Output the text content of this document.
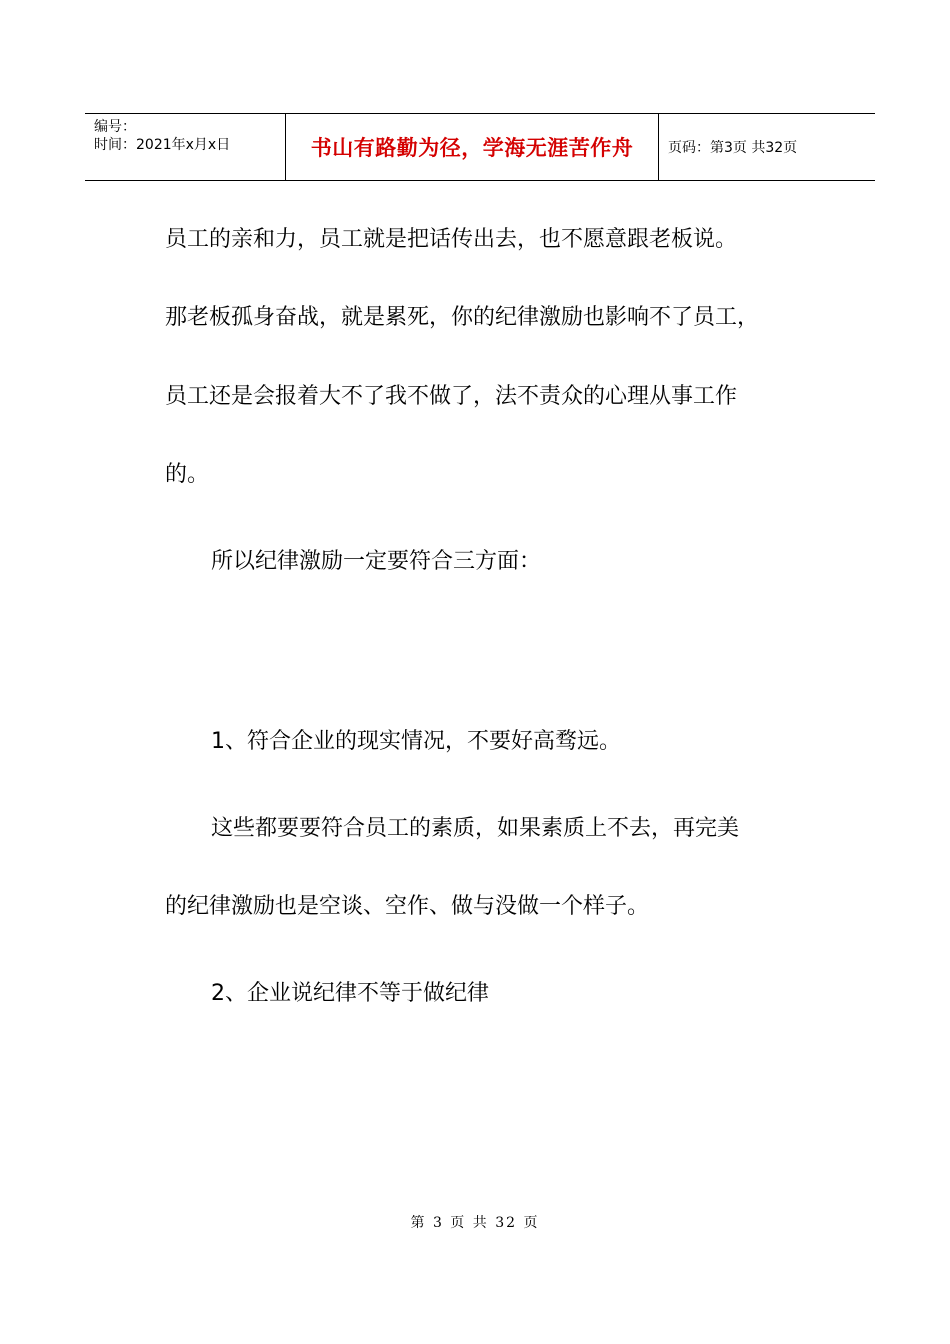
编号：
时间：2021年x月x日	书山有路勤为径，学海无涯苦作舟 页码：第3页 共32页
员工的亲和力，员工就是把话传出去，也不愿意跟老板说。
那老板孤身奋战，就是累死，你的纪律激励也影响不了员工，
员工还是会报着大不了我不做了，法不责众的心理从事工作
的。
所以纪律激励一定要符合三方面：
1、符合企业的现实情况，不要好高骛远。
这些都要要符合员工的素质，如果素质上不去，再完美
的纪律激励也是空谈、空作、做与没做一个样子。
2、企业说纪律不等于做纪律
第 3 页 共 32 页
